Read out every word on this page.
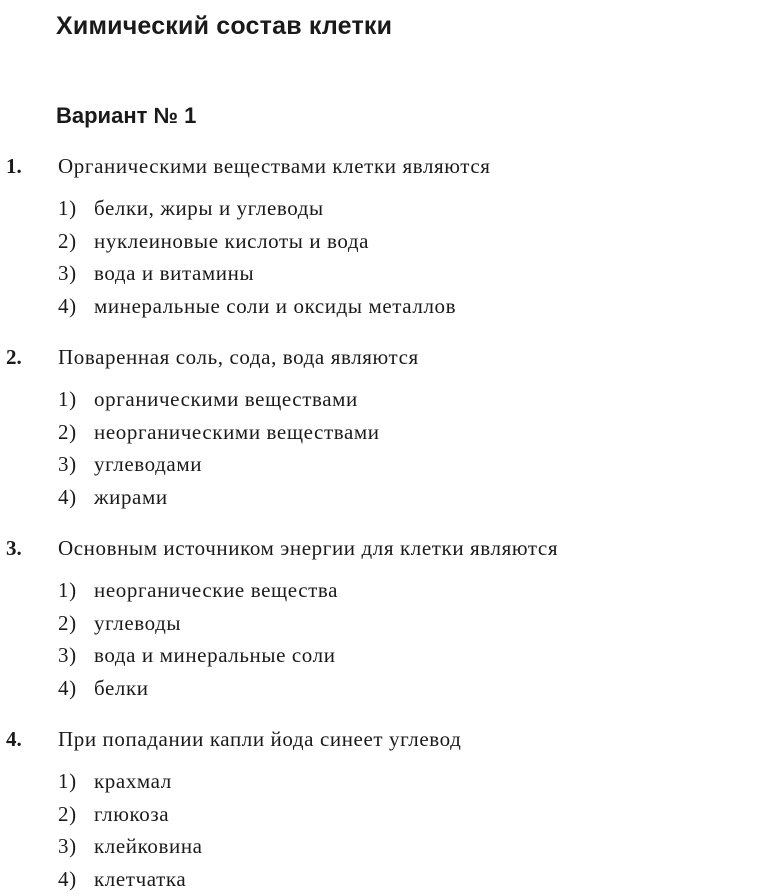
Химический состав клетки
Вариант № 1
1. Органическими веществами клетки являются
1) белки, жиры и углеводы
2) нуклеиновые кислоты и вода
3) вода и витамины
4) минеральные соли и оксиды металлов
2. Поваренная соль, сода, вода являются
1) органическими веществами
2) неорганическими веществами
3) углеводами
4) жирами
3. Основным источником энергии для клетки являются
1) неорганические вещества
2) углеводы
3) вода и минеральные соли
4) белки
4. При попадании капли йода синеет углевод
1) крахмал
2) глюкоза
3) клейковина
4) клетчатка
